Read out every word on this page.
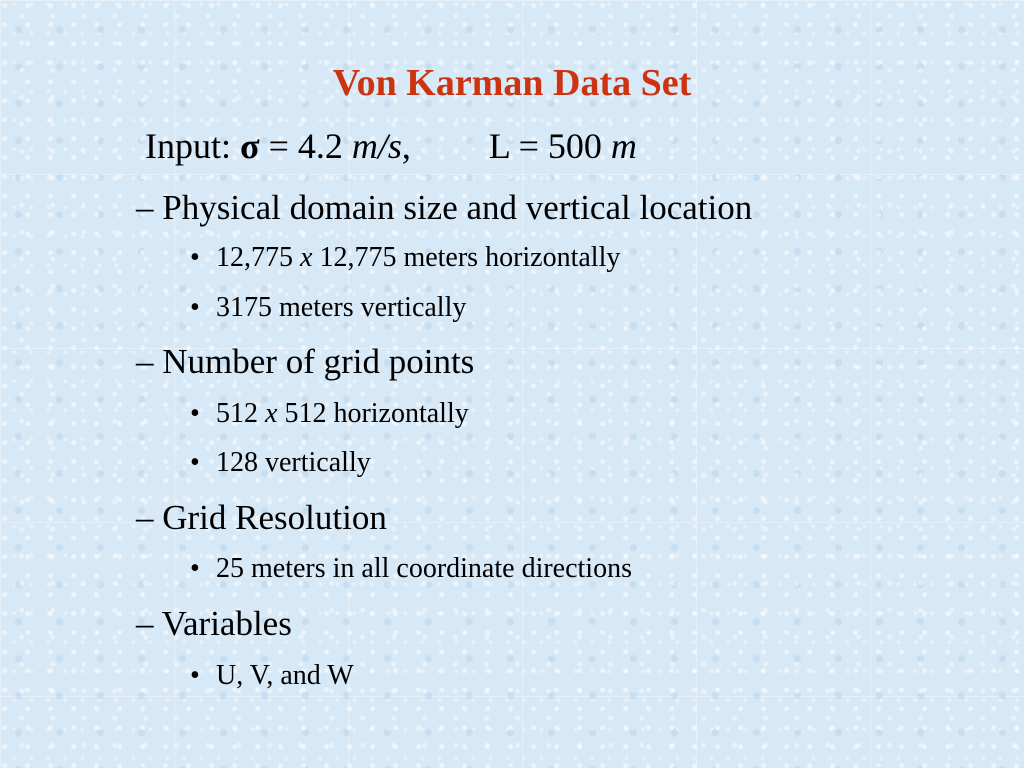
Von Karman Data Set
Input: σ = 4.2 m/s, L = 500 m
– Physical domain size and vertical location
• 12,775 x 12,775 meters horizontally
• 3175 meters vertically
– Number of grid points
• 512 x 512 horizontally
• 128 vertically
– Grid Resolution
• 25 meters in all coordinate directions
– Variables
• U, V, and W
